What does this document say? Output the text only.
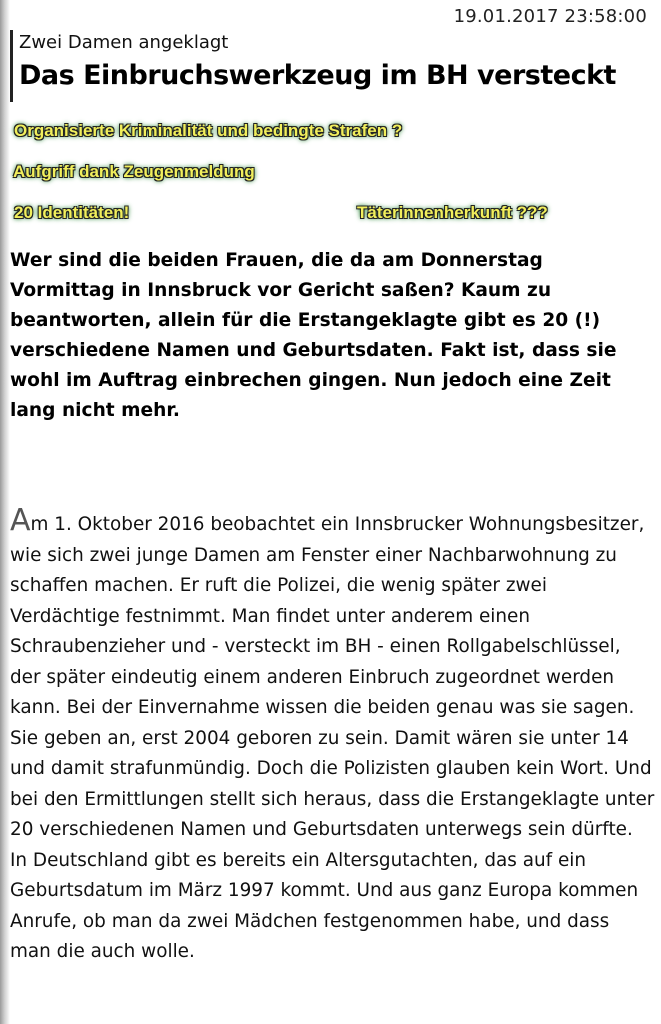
19.01.2017 23:58:00
Zwei Damen angeklagt
Das Einbruchswerkzeug im BH versteckt
Organisierte Kriminalität und bedingte Strafen ?
Aufgriff dank Zeugenmeldung
20 Identitäten!	Täterinnenherkunft ???
Wer sind die beiden Frauen, die da am Donnerstag Vormittag in Innsbruck vor Gericht saßen? Kaum zu beantworten, allein für die Erstangeklagte gibt es 20 (!) verschiedene Namen und Geburtsdaten. Fakt ist, dass sie wohl im Auftrag einbrechen gingen. Nun jedoch eine Zeit lang nicht mehr.
Am 1. Oktober 2016 beobachtet ein Innsbrucker Wohnungsbesitzer, wie sich zwei junge Damen am Fenster einer Nachbarwohnung zu schaffen machen. Er ruft die Polizei, die wenig später zwei Verdächtige festnimmt. Man findet unter anderem einen Schraubenzieher und - versteckt im BH - einen Rollgabelschlüssel, der später eindeutig einem anderen Einbruch zugeordnet werden kann. Bei der Einvernahme wissen die beiden genau was sie sagen. Sie geben an, erst 2004 geboren zu sein. Damit wären sie unter 14 und damit strafunmündig. Doch die Polizisten glauben kein Wort. Und bei den Ermittlungen stellt sich heraus, dass die Erstangeklagte unter 20 verschiedenen Namen und Geburtsdaten unterwegs sein dürfte. In Deutschland gibt es bereits ein Altersgutachten, das auf ein Geburtsdatum im März 1997 kommt. Und aus ganz Europa kommen Anrufe, ob man da zwei Mädchen festgenommen habe, und dass man die auch wolle.
